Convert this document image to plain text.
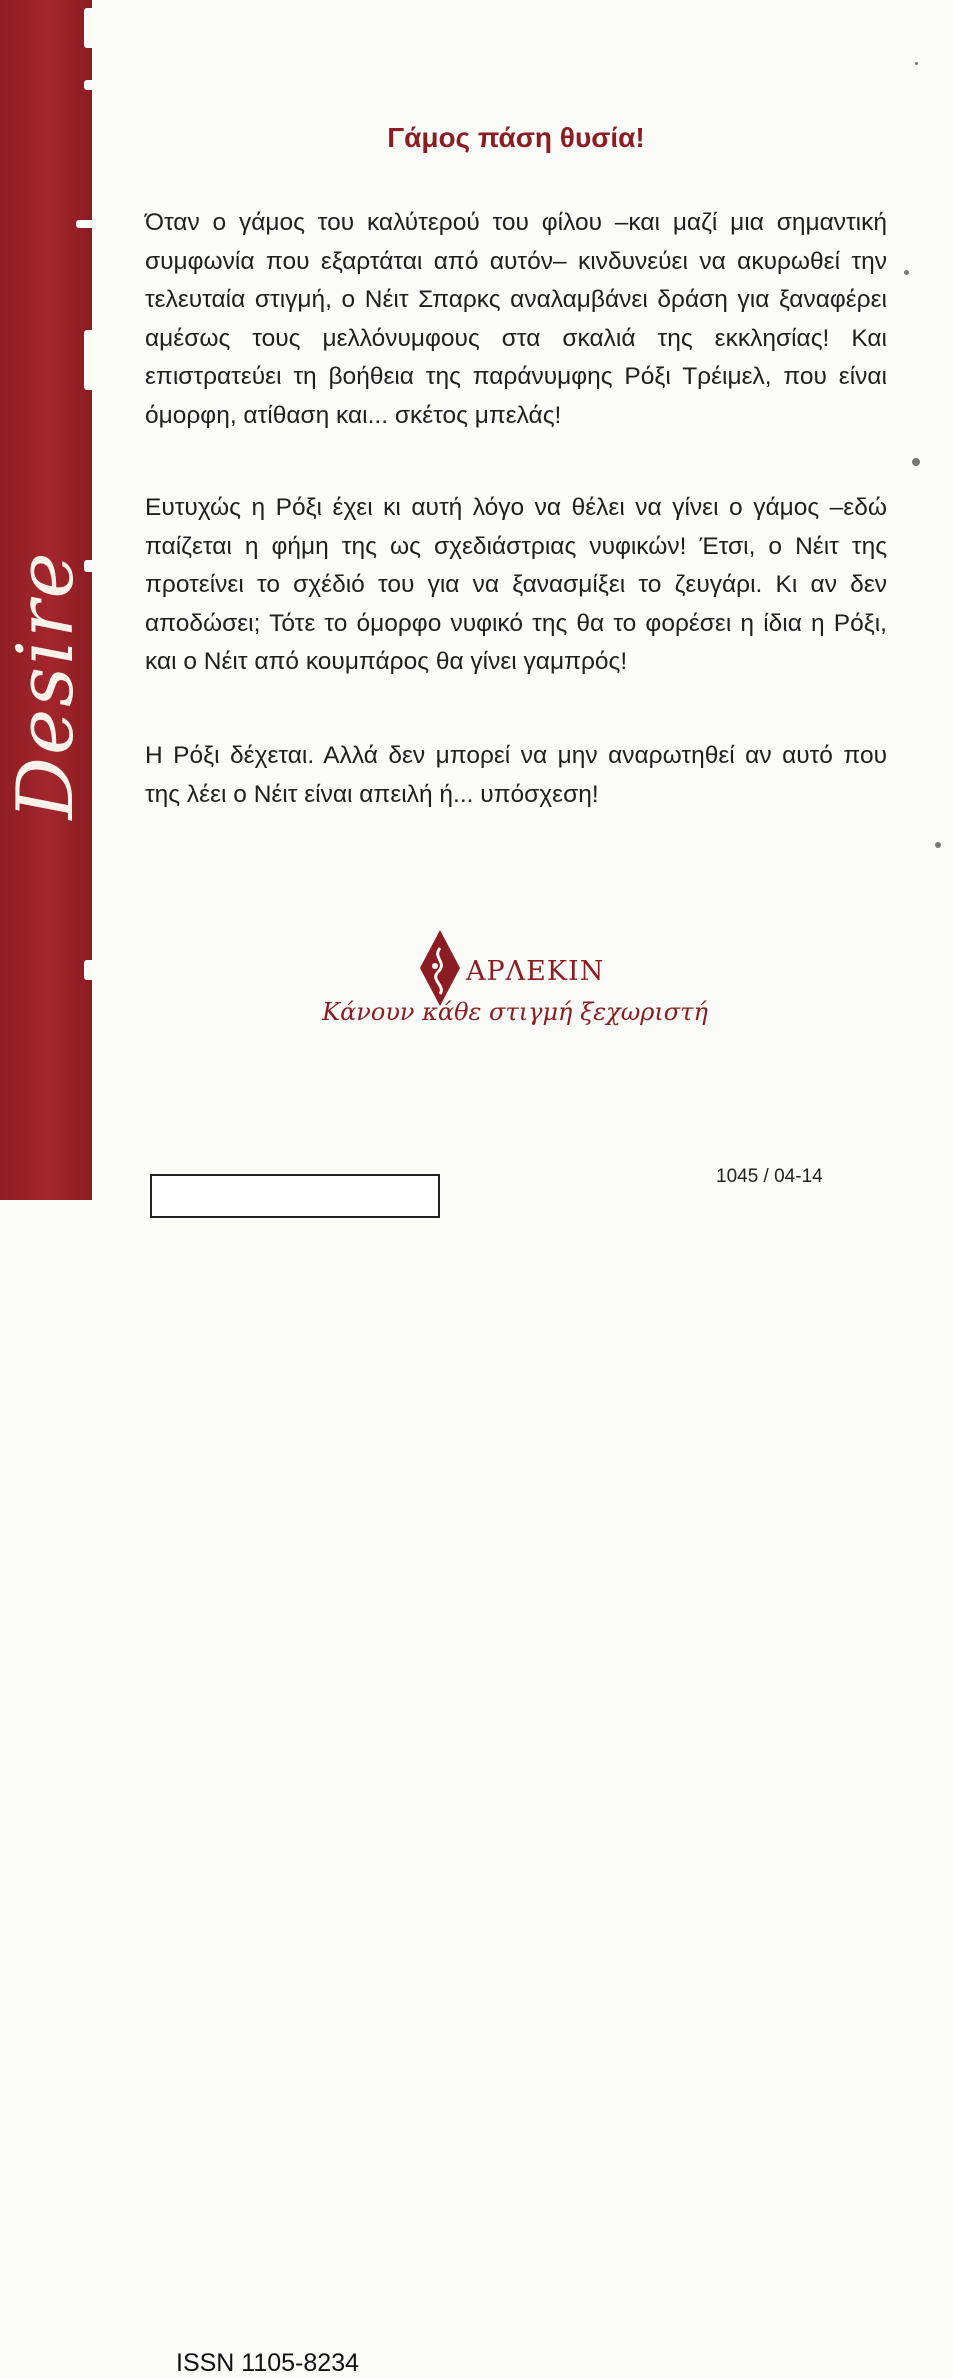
Desire
Γάμος πάση θυσία!
Όταν ο γάμος του καλύτερού του φίλου –και μαζί μια σημαντική συμφωνία που εξαρτάται από αυτόν– κινδυνεύει να ακυρωθεί την τελευταία στιγμή, ο Νέιτ Σπαρκς αναλαμβάνει δράση για ξαναφέρει αμέσως τους μελλόνυμφους στα σκαλιά της εκκλησίας! Και επιστρατεύει τη βοήθεια της παράνυμφης Ρόξι Τρέιμελ, που είναι όμορφη, ατίθαση και... σκέτος μπελάς!
Ευτυχώς η Ρόξι έχει κι αυτή λόγο να θέλει να γίνει ο γάμος –εδώ παίζεται η φήμη της ως σχεδιάστριας νυφικών! Έτσι, ο Νέιτ της προτείνει το σχέδιό του για να ξανασμίξει το ζευγάρι. Κι αν δεν αποδώσει; Τότε το όμορφο νυφικό της θα το φορέσει η ίδια η Ρόξι, και ο Νέιτ από κουμπάρος θα γίνει γαμπρός!
Η Ρόξι δέχεται. Αλλά δεν μπορεί να μην αναρωτηθεί αν αυτό που της λέει ο Νέιτ είναι απειλή ή... υπόσχεση!
ΑΡΛΕΚΙΝ
Κάνουν κάθε στιγμή ξεχωριστή
ISSN 1105-8234
1045 / 04-14
